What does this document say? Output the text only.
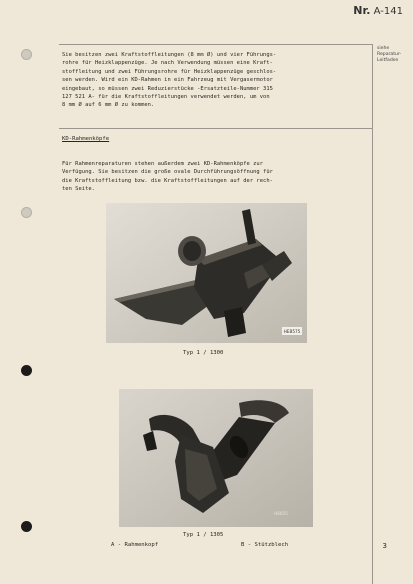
Nr. A-141
siehe
Reparatur-
Leitfaden

Sie besitzen zwei Kraftstoffleitungen (8 mm Ø) und vier Führungs-
rohre für Heizklappenzüge. Je nach Verwendung müssen eine Kraft-
stoffleitung und zwei Führungsrohre für Heizklappenzüge geschlos-
sen werden. Wird ein KD-Rahmen in ein Fahrzeug mit Vergasermotor
eingebaut, so müssen zwei Reduzierstücke -Ersatzteile-Nummer 315
127 521 A- für die Kraftstoffleitungen verwendet werden, um von
8 mm Ø auf 6 mm Ø zu kommen.

KD-Rahmenköpfe

Für Rahmenreparaturen stehen außerdem zwei KD-Rahmenköpfe zur
Verfügung. Sie besitzen die große ovale Durchführungsöffnung für
die Kraftstoffleitung bzw. die Kraftstoffleitungen auf der rech-
ten Seite.

HEB575
Typ 1 / 1300
H6655
Typ 1 / 1305
A - Rahmenkopf	B - Stützblech	3
